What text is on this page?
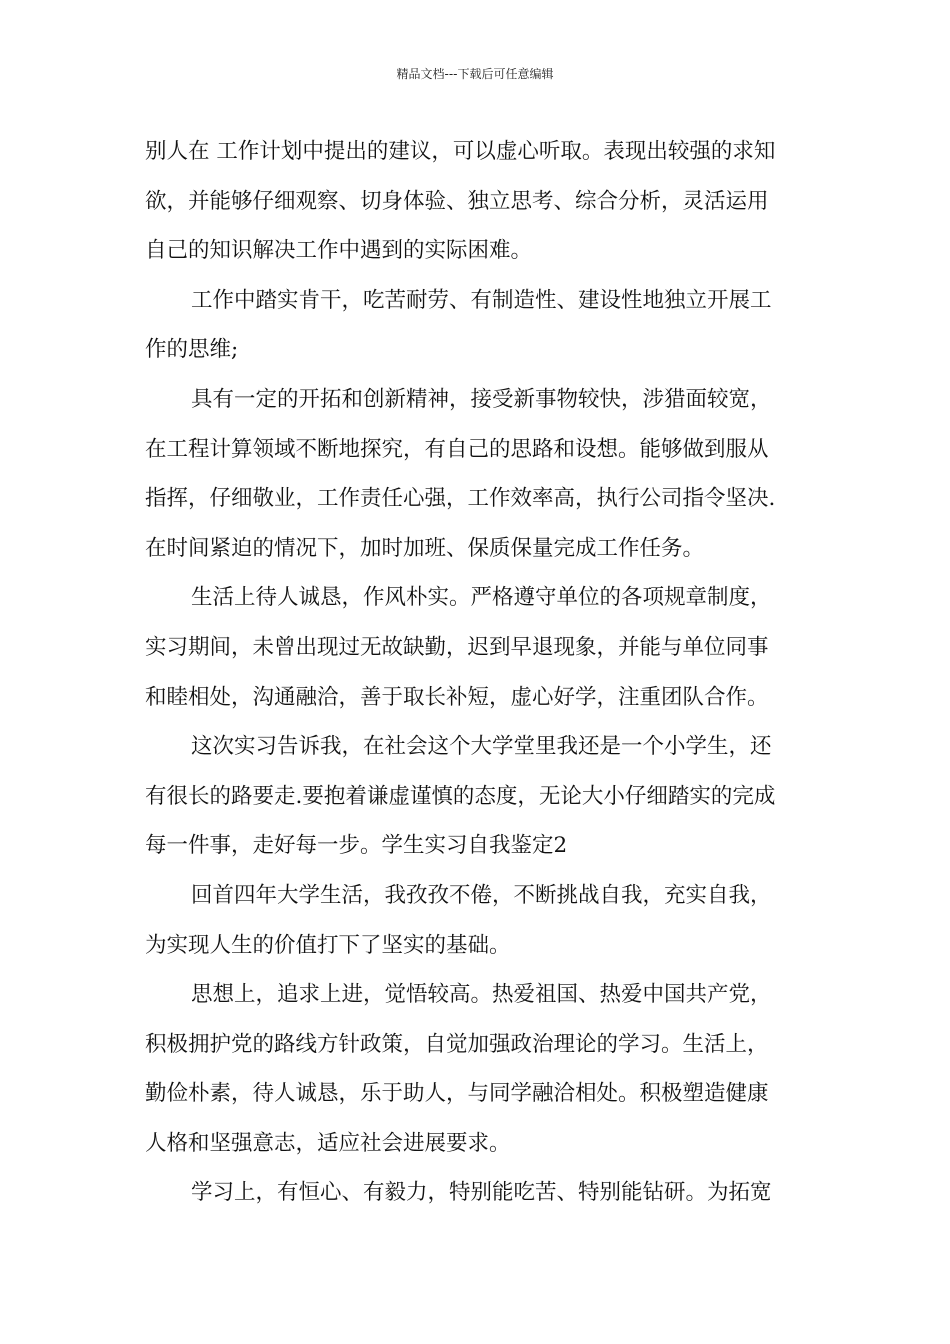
精品文档---下载后可任意编辑
别人在 工作计划中提出的建议，可以虚心听取。表现出较强的求知
欲，并能够仔细观察、切身体验、独立思考、综合分析，灵活运用
自己的知识解决工作中遇到的实际困难。
工作中踏实肯干，吃苦耐劳、有制造性、建设性地独立开展工
作的思维;
具有一定的开拓和创新精神，接受新事物较快，涉猎面较宽，
在工程计算领域不断地探究，有自己的思路和设想。能够做到服从
指挥，仔细敬业，工作责任心强，工作效率高，执行公司指令坚决.
在时间紧迫的情况下，加时加班、保质保量完成工作任务。
生活上待人诚恳，作风朴实。严格遵守单位的各项规章制度，
实习期间，未曾出现过无故缺勤，迟到早退现象，并能与单位同事
和睦相处，沟通融洽，善于取长补短，虚心好学，注重团队合作。
这次实习告诉我，在社会这个大学堂里我还是一个小学生，还
有很长的路要走.要抱着谦虚谨慎的态度，无论大小仔细踏实的完成
每一件事，走好每一步。学生实习自我鉴定2
回首四年大学生活，我孜孜不倦，不断挑战自我，充实自我，
为实现人生的价值打下了坚实的基础。
思想上，追求上进，觉悟较高。热爱祖国、热爱中国共产党，
积极拥护党的路线方针政策，自觉加强政治理论的学习。生活上，
勤俭朴素，待人诚恳，乐于助人，与同学融洽相处。积极塑造健康
人格和坚强意志，适应社会进展要求。
学习上，有恒心、有毅力，特别能吃苦、特别能钻研。为拓宽
